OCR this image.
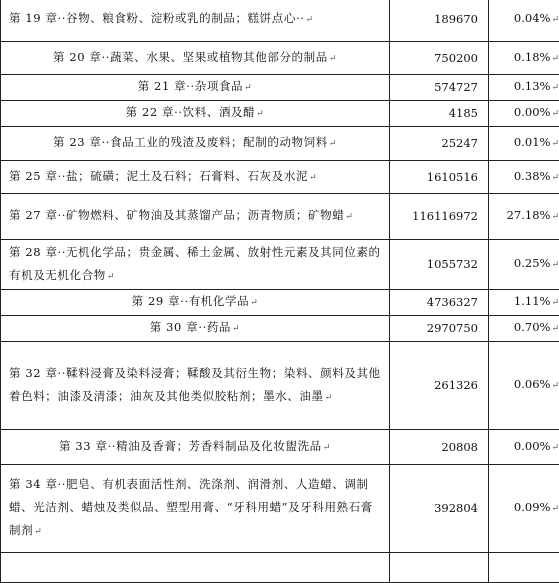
第 19 章··谷物、粮食粉、淀粉或乳的制品；糕饼点心··↵	189670	0.04%↵
第 20 章··蔬菜、水果、坚果或植物其他部分的制品↵	750200	0.18%↵
第 21 章··杂项食品↵	574727	0.13%↵
第 22 章··饮料、酒及醋↵	4185	0.00%↵
第 23 章··食品工业的残渣及废料；配制的动物饲料↵	25247	0.01%↵
第 25 章··盐；硫磺；泥土及石料；石膏料、石灰及水泥↵	1610516	0.38%↵
第 27 章··矿物燃料、矿物油及其蒸馏产品；沥青物质；矿物蜡↵	116116972	27.18%↵
第 28 章··无机化学品；贵金属、稀土金属、放射性元素及其同位素的有机及无机化合物↵	1055732	0.25%↵
第 29 章··有机化学品↵	4736327	1.11%↵
第 30 章··药品↵	2970750	0.70%↵
第 32 章··鞣料浸膏及染料浸膏；鞣酸及其衍生物；染料、颜料及其他着色料；油漆及清漆；油灰及其他类似胶粘剂；墨水、油墨↵	261326	0.06%↵
第 33 章··精油及香膏；芳香料制品及化妆盥洗品↵	20808	0.00%↵
第 34 章··肥皂、有机表面活性剂、洗涤剂、润滑剂、人造蜡、调制蜡、光洁剂、蜡烛及类似品、塑型用膏、“牙科用蜡”及牙科用熟石膏制剂↵	392804	0.09%↵
